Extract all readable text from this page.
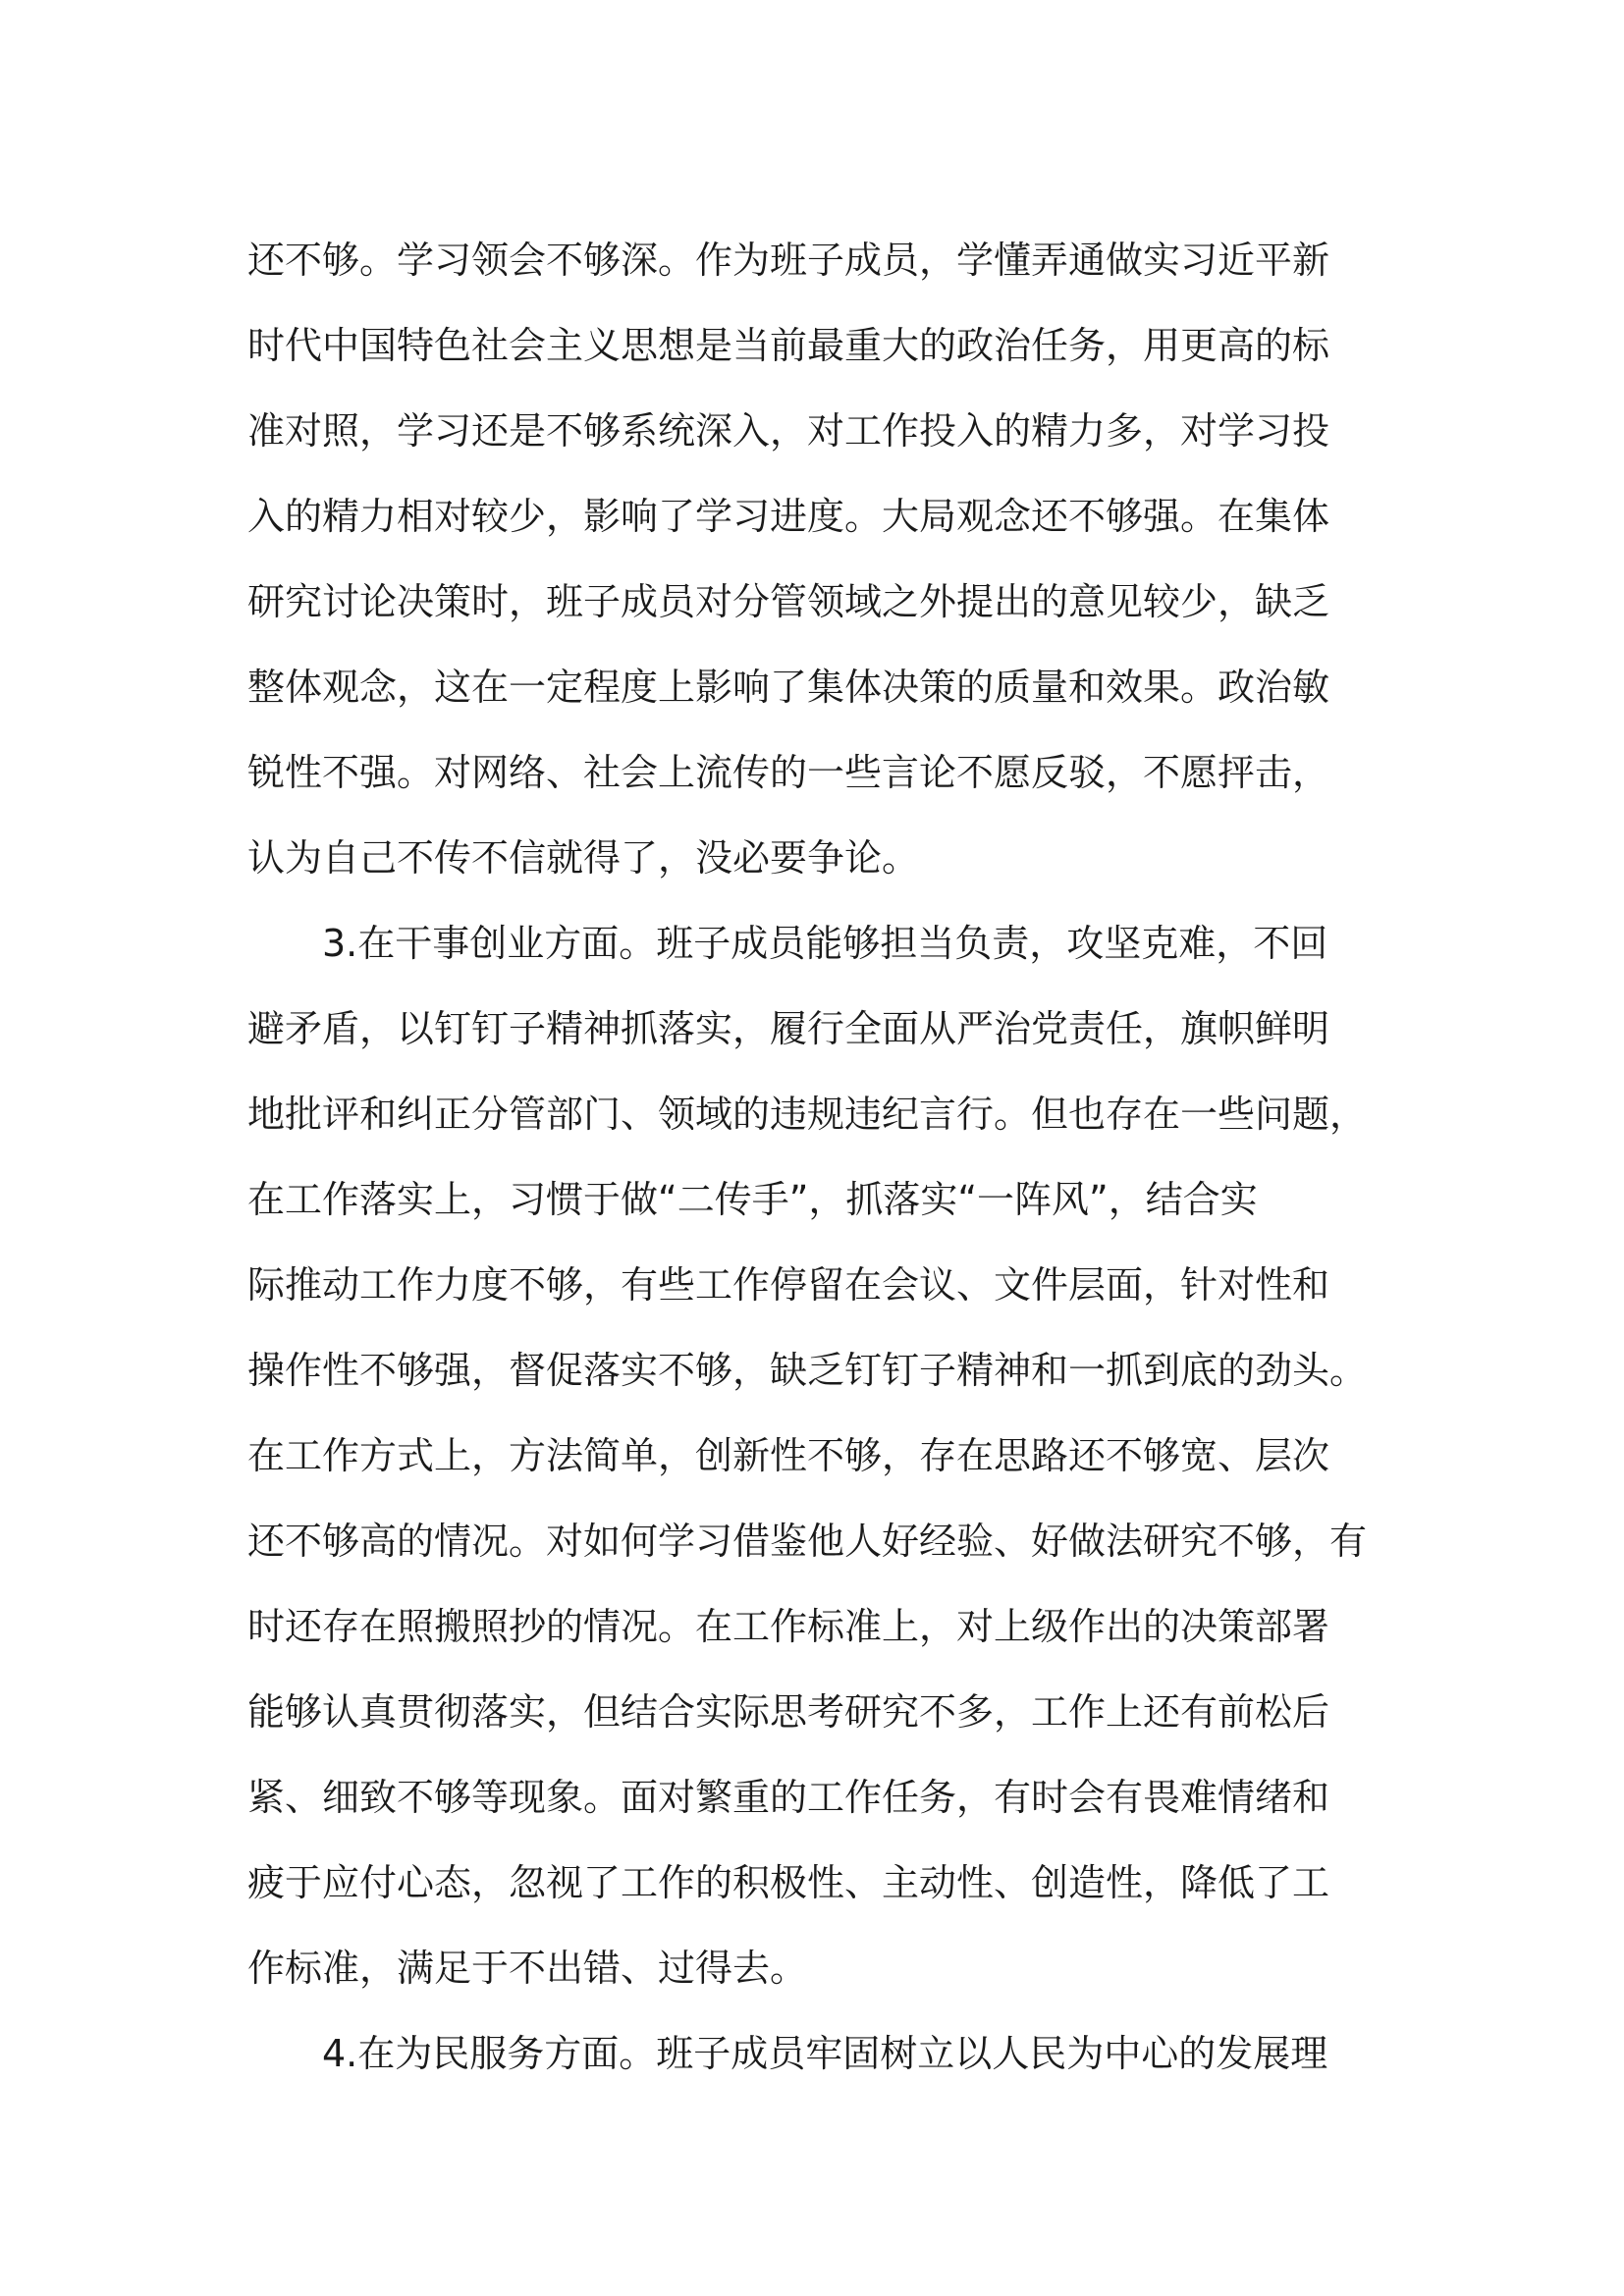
还不够。学习领会不够深。作为班子成员，学懂弄通做实习近平新
时代中国特色社会主义思想是当前最重大的政治任务，用更高的标
准对照，学习还是不够系统深入，对工作投入的精力多，对学习投
入的精力相对较少，影响了学习进度。大局观念还不够强。在集体
研究讨论决策时，班子成员对分管领域之外提出的意见较少，缺乏
整体观念，这在一定程度上影响了集体决策的质量和效果。政治敏
锐性不强。对网络、社会上流传的一些言论不愿反驳，不愿抨击，
认为自己不传不信就得了，没必要争论。
3.在干事创业方面。班子成员能够担当负责，攻坚克难，不回
避矛盾，以钉钉子精神抓落实，履行全面从严治党责任，旗帜鲜明
地批评和纠正分管部门、领域的违规违纪言行。但也存在一些问题，
在工作落实上，习惯于做“二传手”，抓落实“一阵风”，结合实
际推动工作力度不够，有些工作停留在会议、文件层面，针对性和
操作性不够强，督促落实不够，缺乏钉钉子精神和一抓到底的劲头。
在工作方式上，方法简单，创新性不够，存在思路还不够宽、层次
还不够高的情况。对如何学习借鉴他人好经验、好做法研究不够，有
时还存在照搬照抄的情况。在工作标准上，对上级作出的决策部署
能够认真贯彻落实，但结合实际思考研究不多，工作上还有前松后
紧、细致不够等现象。面对繁重的工作任务，有时会有畏难情绪和
疲于应付心态，忽视了工作的积极性、主动性、创造性，降低了工
作标准，满足于不出错、过得去。
4.在为民服务方面。班子成员牢固树立以人民为中心的发展理
